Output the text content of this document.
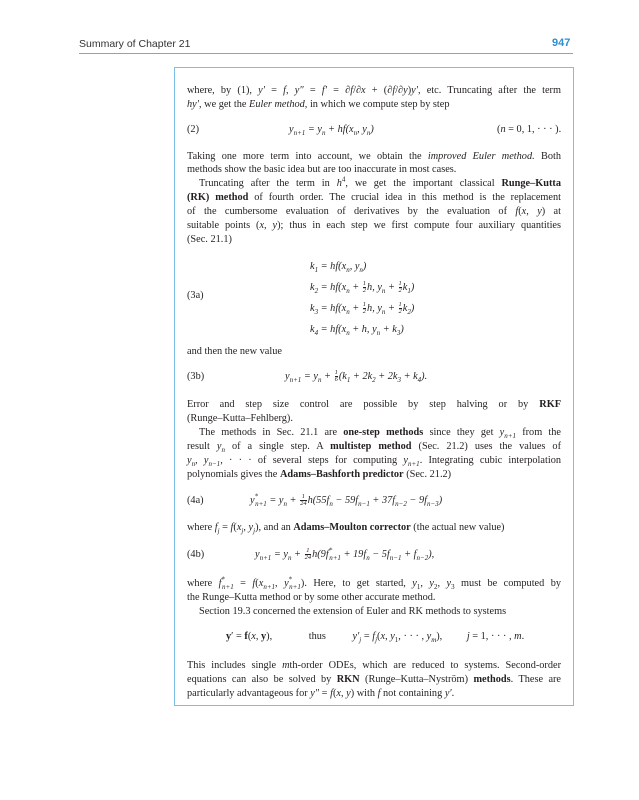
Summary of Chapter 21	947
where, by (1), y′ = f, y″ = f′ = ∂f/∂x + (∂f/∂y)y′, etc. Truncating after the term
hy′, we get the Euler method, in which we compute step by step
(2)	$y_{n+1} = y_n + hf(x_n$, $y_n$)	(n = 0, 1, · · · ).
Taking one more term into account, we obtain the improved Euler method. Both
methods show the basic idea but are too inaccurate in most cases.
Truncating after the term in $h^4$, we get the important classical Runge–Kutta
(RK) method of fourth order. The crucial idea in this method is the replacement
of the cumbersome evaluation of derivatives by the evaluation of f(x, y) at
suitable points (x, y); thus in each step we first compute four auxiliary quantities
(Sec. 21.1)
(3a)
$k_1 = hf(x_n$, $y_n$)
$k_2 = hf(x_n + \frac{1}{2} h$, $y_n + \frac{1}{2} k_1$)
$k_3 = hf(x_n + \frac{1}{2} h$, $y_n + \frac{1}{2} k_2$)
$k_4 = hf(x_n + h$, $y_n + k_3$)
and then the new value
(3b)	$y_{n+1} = y_n + \frac{1}{6} (k_1 + 2k_2 + 2k_3 + k_4)$.
Error and step size control are possible by step halving or by RKF
(Runge–Kutta–Fehlberg).
The methods in Sec. 21.1 are one-step methods since they get $y_{n+1}$ from the
result $y_n$ of a single step. A multistep method (Sec. 21.2) uses the values of
$y_n$, $y_{n-1}$, · · · of several steps for computing $y_{n+1}$. Integrating cubic interpolation
polynomials gives the Adams–Bashforth predictor (Sec. 21.2)
(4a)	$y^*_{n+1} = y_n + \frac{1}{24} h(55f_n - 59f_{n-1} + 37f_{n-2} - 9f_{n-3})$
where $f_j = f(x_j$, $y_j$), and an Adams–Moulton corrector (the actual new value)
(4b)	$y_{n+1} = y_n + \frac{1}{24} h(9f^*_{n+1} + 19f_n - 5f_{n-1} + f_{n-2})$,
where $f^*_{n+1} = f(x_{n+1}$, $y^*_{n+1}$). Here, to get started, $y_1$, $y_2$, $y_3$ must be computed by
the Runge–Kutta method or by some other accurate method.
Section 19.3 concerned the extension of Euler and RK methods to systems
y′ = f(x, y),	thus	$y'_j = f_j(x$, $y_1$, · · · , $y_m$), j = 1, · · · , m.
This includes single mth-order ODEs, which are reduced to systems. Second-order
equations can also be solved by RKN (Runge–Kutta–Nyström) methods. These are
particularly advantageous for y″ = f(x, y) with f not containing y′.
